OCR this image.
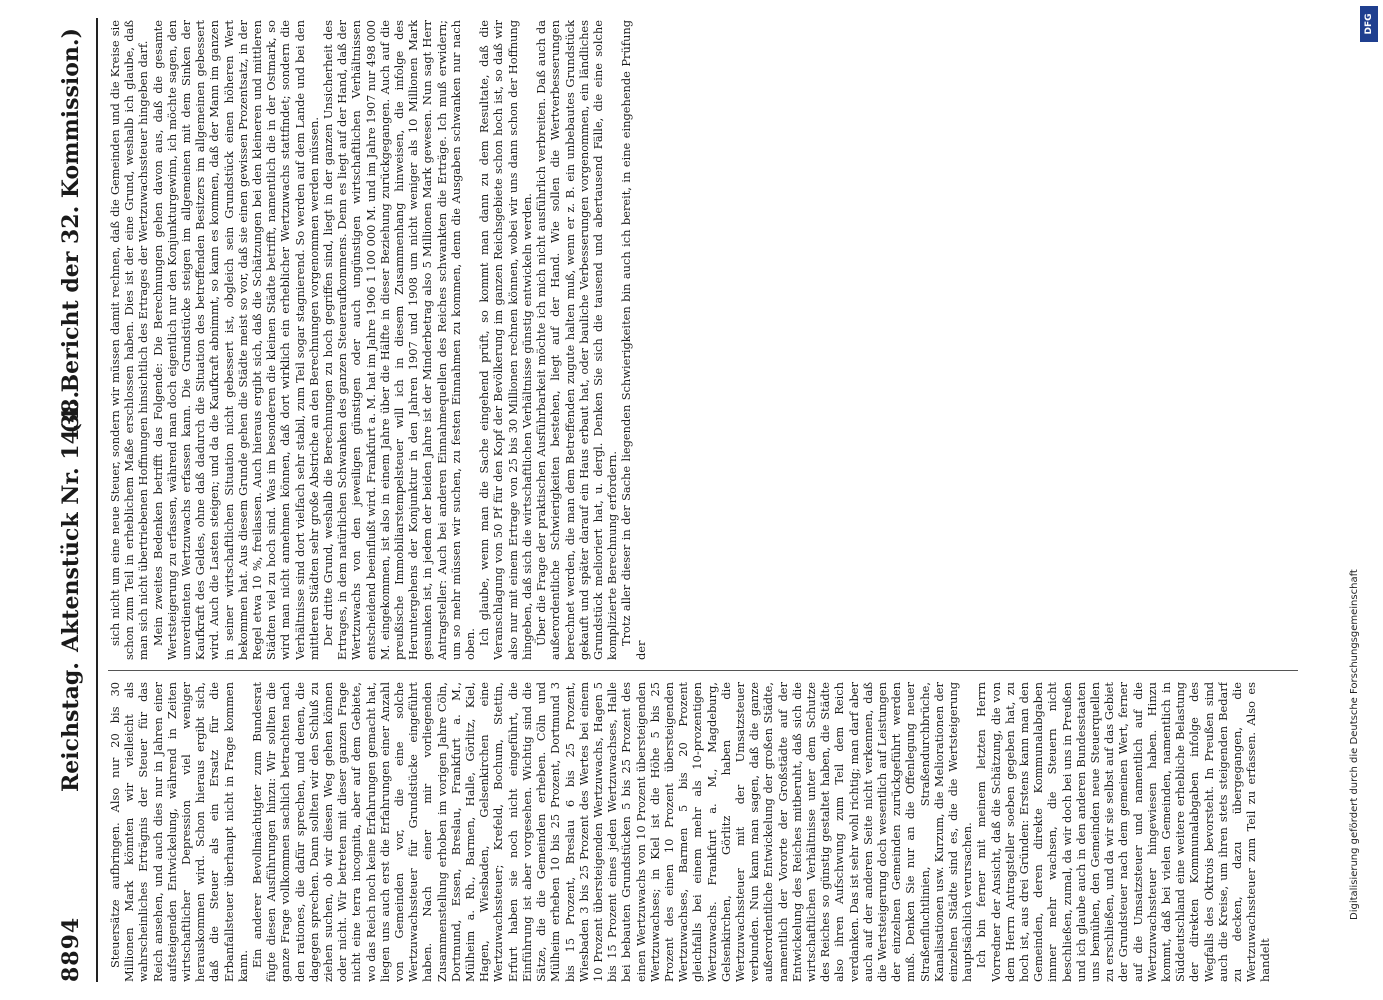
8894
Reichstag.
Aktenstück Nr. 1438.
(4. Bericht der 32. Kommission.)

Steuersätze aufbringen. Also nur 20 bis 30 Millionen Mark könnten wir vielleicht als wahrscheinliches Erträgnis der Steuer für das Reich ansehen, und auch dies nur in Jahren einer aufsteigenden Entwickelung, während in Zeiten wirtschaftlicher Depression viel weniger herauskommen wird. Schon hieraus ergibt sich, daß die Steuer als ein Ersatz für die Erbanfallsteuer überhaupt nicht in Frage kommen kann. Ein anderer Bevollmächtigter zum Bundesrat fügte diesen Ausführungen hinzu: Wir sollten die ganze Frage vollkommen sachlich betrachten nach den rationes, die dafür sprechen, und denen, die dagegen sprechen. Dann sollten wir den Schluß zu ziehen suchen, ob wir diesen Weg gehen können oder nicht. Wir betreten mit dieser ganzen Frage nicht eine terra incognita, aber auf dem Gebiete, wo das Reich noch keine Erfahrungen gemacht hat, liegen uns auch erst die Erfahrungen einer Anzahl von Gemeinden vor, die eine solche Wertzuwachssteuer für Grundstücke eingeführt haben. Nach einer mir vorliegenden Zusammenstellung erhoben im vorigen Jahre Cöln, Dortmund, Essen, Breslau, Frankfurt a. M., Mülheim a. Rh., Barmen, Halle, Görlitz, Kiel, Hagen, Wiesbaden, Gelsenkirchen eine Wertzuwachssteuer; Krefeld, Bochum, Stettin, Erfurt haben sie noch nicht eingeführt, die Einführung ist aber vorgesehen. Wichtig sind die Sätze, die die Gemeinden erheben. Cöln und Mülheim erheben 10 bis 25 Prozent, Dortmund 3 bis 15 Prozent, Breslau 6 bis 25 Prozent, Wiesbaden 3 bis 25 Prozent des Wertes bei einem 10 Prozent übersteigenden Wertzuwachs, Hagen 5 bis 15 Prozent eines jeden Wertzuwachses, Halle bei bebauten Grundstücken 5 bis 25 Prozent des einen Wertzuwachs von 10 Prozent übersteigenden Wertzuwachses; in Kiel ist die Höhe 5 bis 25 Prozent des einen 10 Prozent übersteigenden Wertzuwachses, Barmen 5 bis 20 Prozent gleichfalls bei einem mehr als 10-prozentigen Wertzuwachs. Frankfurt a. M., Magdeburg, Gelsenkirchen, Görlitz haben die Wertzuwachssteuer mit der Umsatzsteuer verbunden. Nun kann man sagen, daß die ganze außerordentliche Entwickelung der großen Städte, namentlich der Vororte der Großstädte auf der Entwickelung des Reiches mitberuht, daß sich die wirtschaftlichen Verhältnisse unter dem Schutze des Reiches so günstig gestaltet haben, die Städte also ihren Aufschwung zum Teil dem Reich verdanken. Das ist sehr wohl richtig; man darf aber auch auf der anderen Seite nicht verkennen, daß die Wertsteigerung doch wesentlich auf Leistungen der einzelnen Gemeinden zurückgeführt werden muß. Denken Sie nur an die Offenlegung neuer Straßenfluchtlinien, Straßendurchbrüche, Kanalisationen usw. Kurzum, die Meliorationen der einzelnen Städte sind es, die die Wertsteigerung hauptsächlich verursachen. Ich bin ferner mit meinem letzten Herrn Vorredner der Ansicht, daß die Schätzung, die von dem Herrn Antragsteller soeben gegeben hat, zu hoch ist, aus drei Gründen: Erstens kann man den Gemeinden, deren direkte Kommunalabgaben immer mehr wachsen, die Steuern nicht beschließen, zumal, da wir doch bei uns in Preußen und ich glaube auch in den anderen Bundesstaaten uns bemühen, den Gemeinden neue Steuerquellen zu erschließen, und da wir sie selbst auf das Gebiet der Grundsteuer nach dem gemeinen Wert, ferner auf die Umsatzsteuer und namentlich auf die Wertzuwachssteuer hingewiesen haben. Hinzu kommt, daß bei vielen Gemeinden, namentlich in Süddeutschland eine weitere erhebliche Belastung der direkten Kommunalabgaben infolge des Wegfalls des Oktrois bevorsteht. In Preußen sind auch die Kreise, um ihren stets steigenden Bedarf zu decken, dazu übergegangen, die Wertzuwachssteuer zum Teil zu erfassen. Also es handelt

sich nicht um eine neue Steuer, sondern wir müssen damit rechnen, daß die Gemeinden und die Kreise sie schon zum Teil in erheblichem Maße erschlossen haben. Dies ist der eine Grund, weshalb ich glaube, daß man sich nicht übertriebenen Hoffnungen hinsichtlich des Ertrages der Wertzuwachssteuer hingeben darf. Mein zweites Bedenken betrifft das Folgende: Die Berechnungen gehen davon aus, daß die gesamte Wertsteigerung zu erfassen, während man doch eigentlich nur den Konjunkturgewinn, ich möchte sagen, den unverdienten Wertzuwachs erfassen kann. Die Grundstücke steigen im allgemeinen mit dem Sinken der Kaufkraft des Geldes, ohne daß dadurch die Situation des betreffenden Besitzers im allgemeinen gebessert wird. Auch die Lasten steigen; und da die Kaufkraft abnimmt, so kann es kommen, daß der Mann im ganzen in seiner wirtschaftlichen Situation nicht gebessert ist, obgleich sein Grundstück einen höheren Wert bekommen hat. Aus diesem Grunde gehen die Städte meist so vor, daß sie einen gewissen Prozentsatz, in der Regel etwa 10 %, freilassen. Auch hieraus ergibt sich, daß die Schätzungen bei den kleineren und mittleren Städten viel zu hoch sind. Was im besonderen die kleinen Städte betrifft, namentlich die in der Ostmark, so wird man nicht annehmen können, daß dort wirklich ein erheblicher Wertzuwachs stattfindet; sondern die Verhältnisse sind dort vielfach sehr stabil, zum Teil sogar stagnierend. So werden auf dem Lande und bei den mittleren Städten sehr große Abstriche an den Berechnungen vorgenommen werden müssen. Der dritte Grund, weshalb die Berechnungen zu hoch gegriffen sind, liegt in der ganzen Unsicherheit des Ertrages, in dem natürlichen Schwanken des ganzen Steueraufkommens. Denn es liegt auf der Hand, daß der Wertzuwachs von den jeweiligen günstigen oder auch ungünstigen wirtschaftlichen Verhältnissen entscheidend beeinflußt wird. Frankfurt a. M. hat im Jahre 1906 1 100 000 M. und im Jahre 1907 nur 498 000 M. eingekommen, ist also in einem Jahre über die Hälfte in dieser Beziehung zurückgegangen. Auch auf die preußische Immobiliarstempelsteuer will ich in diesem Zusammenhang hinweisen, die infolge des Heruntergehens der Konjunktur in den Jahren 1907 und 1908 um nicht weniger als 10 Millionen Mark gesunken ist, in jedem der beiden Jahre ist der Minderbetrag also 5 Millionen Mark gewesen. Nun sagt Herr Antragsteller: Auch bei anderen Einnahmequellen des Reiches schwankten die Erträge. Ich muß erwidern; um so mehr müssen wir suchen, zu festen Einnahmen zu kommen, denn die Ausgaben schwanken nur nach oben. Ich glaube, wenn man die Sache eingehend prüft, so kommt man dann zu dem Resultate, daß die Veranschlagung von 50 Pf für den Kopf der Bevölkerung im ganzen Reichsgebiete schon hoch ist, so daß wir also nur mit einem Ertrage von 25 bis 30 Millionen rechnen können, wobei wir uns dann schon der Hoffnung hingeben, daß sich die wirtschaftlichen Verhältnisse günstig entwickeln werden. Über die Frage der praktischen Ausführbarkeit möchte ich mich nicht ausführlich verbreiten. Daß auch da außerordentliche Schwierigkeiten bestehen, liegt auf der Hand. Wie sollen die Wertverbesserungen berechnet werden, die man dem Betreffenden zugute halten muß, wenn er z. B. ein unbebautes Grundstück gekauft und später darauf ein Haus erbaut hat, oder bauliche Verbesserungen vorgenommen, ein ländliches Grundstück melioriert hat, u. dergl. Denken Sie sich die tausend und abertausend Fälle, die eine solche komplizierte Berechnung erfordern. Trotz aller dieser in der Sache liegenden Schwierigkeiten bin auch ich bereit, in eine eingehende Prüfung der	Digitalisierung gefördert durch die Deutsche Forschungsgemeinschaft
DFG
